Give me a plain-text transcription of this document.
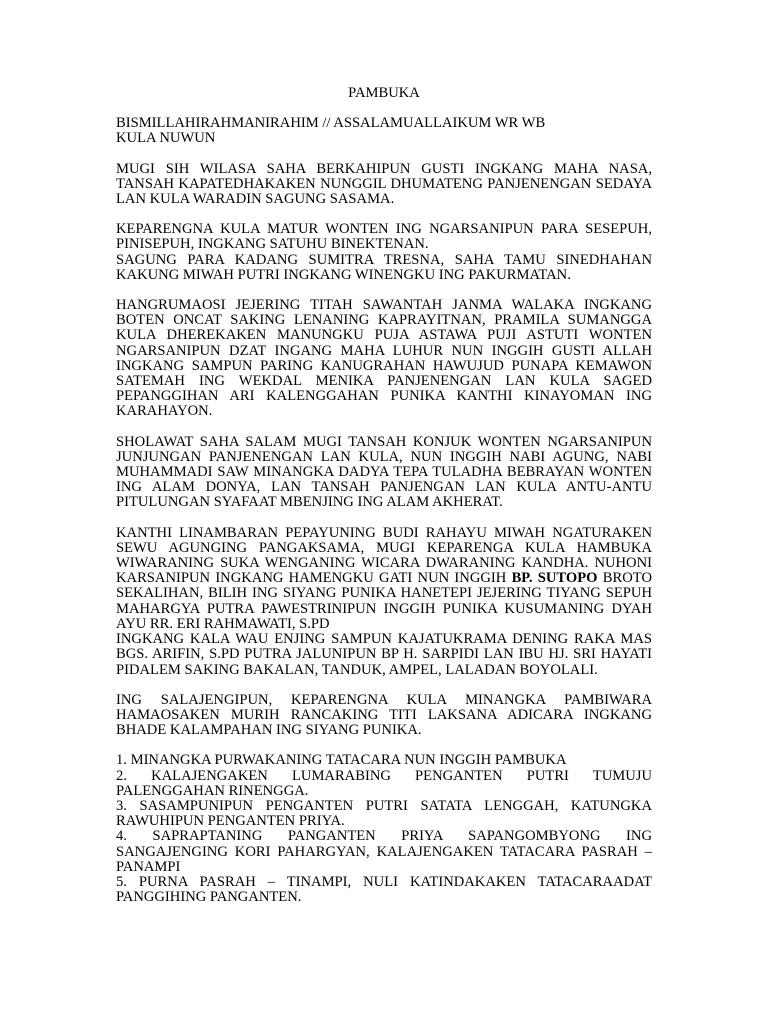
PAMBUKA
BISMILLAHIRAHMANIRAHIM // ASSALAMUALLAIKUM WR WB
KULA NUWUN
MUGI SIH WILASA SAHA BERKAHIPUN GUSTI INGKANG MAHA NASA, TANSAH KAPATEDHAKAKEN NUNGGIL DHUMATENG PANJENENGAN SEDAYA LAN KULA WARADIN SAGUNG SASAMA.
KEPARENGNA KULA MATUR WONTEN ING NGARSANIPUN PARA SESEPUH, PINISEPUH, INGKANG SATUHU BINEKTENAN.
SAGUNG PARA KADANG SUMITRA TRESNA, SAHA TAMU SINEDHAHAN KAKUNG MIWAH PUTRI INGKANG WINENGKU ING PAKURMATAN.
HANGRUMAOSI JEJERING TITAH SAWANTAH JANMA WALAKA INGKANG BOTEN ONCAT SAKING LENANING KAPRAYITNAN, PRAMILA SUMANGGA KULA DHEREKAKEN MANUNGKU PUJA ASTAWA PUJI ASTUTI WONTEN NGARSANIPUN DZAT INGANG MAHA LUHUR NUN INGGIH GUSTI ALLAH INGKANG SAMPUN PARING KANUGRAHAN HAWUJUD PUNAPA KEMAWON SATEMAH ING WEKDAL MENIKA PANJENENGAN LAN KULA SAGED PEPANGGIHAN ARI KALENGGAHAN PUNIKA KANTHI KINAYOMAN ING KARAHAYON.
SHOLAWAT SAHA SALAM MUGI TANSAH KONJUK WONTEN NGARSANIPUN JUNJUNGAN PANJENENGAN LAN KULA, NUN INGGIH NABI AGUNG, NABI MUHAMMADI SAW MINANGKA DADYA TEPA TULADHA BEBRAYAN WONTEN ING ALAM DONYA, LAN TANSAH PANJENGAN LAN KULA ANTU-ANTU PITULUNGAN SYAFAAT MBENJING ING ALAM AKHERAT.
KANTHI LINAMBARAN PEPAYUNING BUDI RAHAYU MIWAH NGATURAKEN SEWU AGUNGING PANGAKSAMA, MUGI KEPARENGA KULA HAMBUKA WIWARANING SUKA WENGANING WICARA DWARANING KANDHA. NUHONI KARSANIPUN INGKANG HAMENGKU GATI NUN INGGIH BP. SUTOPO BROTO SEKALIHAN, BILIH ING SIYANG PUNIKA HANETEPI JEJERING TIYANG SEPUH MAHARGYA PUTRA PAWESTRINIPUN INGGIH PUNIKA KUSUMANING DYAH AYU RR. ERI RAHMAWATI, S.PD
INGKANG KALA WAU ENJING SAMPUN KAJATUKRAMA DENING RAKA MAS BGS. ARIFIN, S.PD PUTRA JALUNIPUN BP H. SARPIDI LAN IBU HJ. SRI HAYATI PIDALEM SAKING BAKALAN, TANDUK, AMPEL, LALADAN BOYOLALI.
ING SALAJENGIPUN, KEPARENGNA KULA MINANGKA PAMBIWARA HAMAOSAKEN MURIH RANCAKING TITI LAKSANA ADICARA INGKANG BHADE KALAMPAHAN ING SIYANG PUNIKA.
1. MINANGKA PURWAKANING TATACARA NUN INGGIH PAMBUKA
2. KALAJENGAKEN LUMARABING PENGANTEN PUTRI TUMUJU PALENGGAHAN RINENGGA.
3. SASAMPUNIPUN PENGANTEN PUTRI SATATA LENGGAH, KATUNGKA RAWUHIPUN PENGANTEN PRIYA.
4. SAPRAPTANING PANGANTEN PRIYA SAPANGOMBYONG ING SANGAJENGING KORI PAHARGYAN, KALAJENGAKEN TATACARA PASRAH – PANAMPI
5. PURNA PASRAH – TINAMPI, NULI KATINDAKAKEN TATACARAADAT PANGGIHING PANGANTEN.
